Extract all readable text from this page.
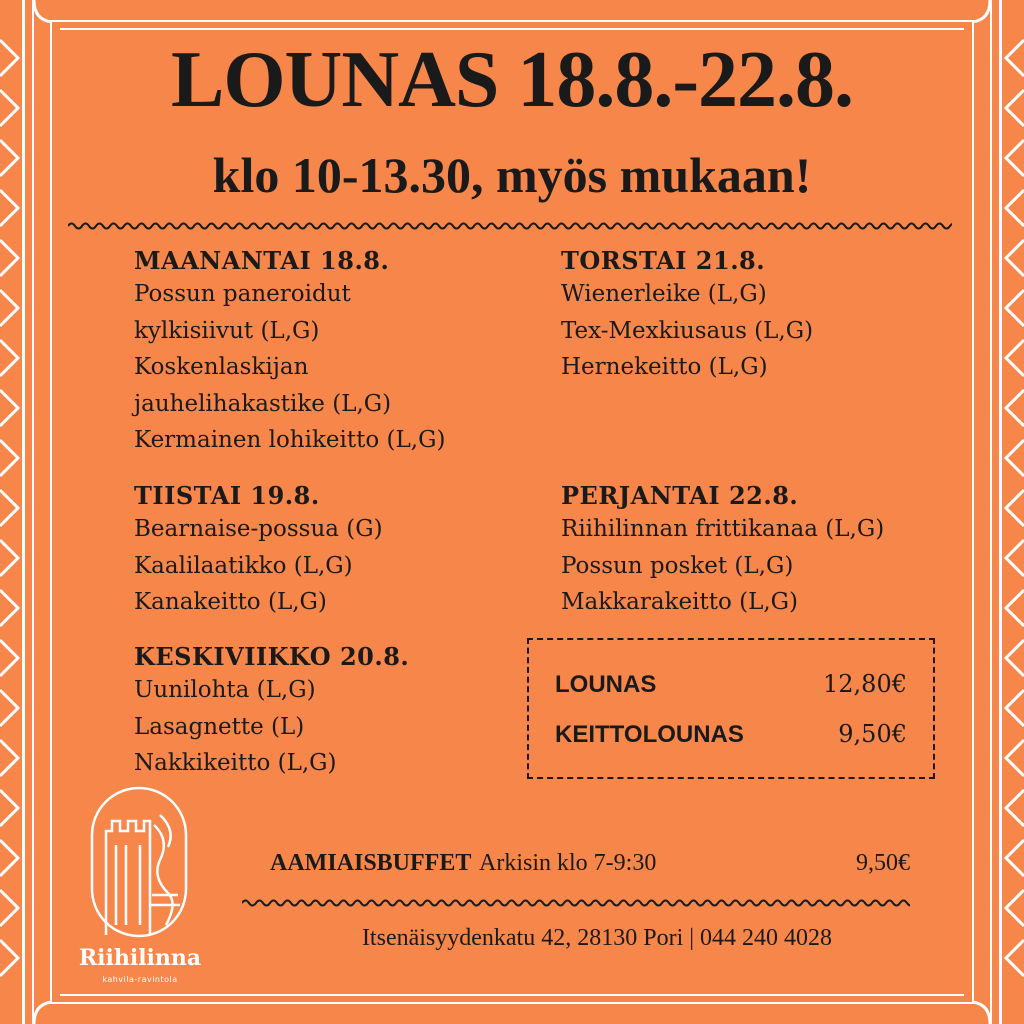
LOUNAS 18.8.-22.8.
klo 10-13.30, myös mukaan!
MAANANTAI 18.8.
Possun paneroidut
kylkisiivut (L,G)
Koskenlaskijan
jauhelihakastike (L,G)
Kermainen lohikeitto (L,G)
TIISTAI 19.8.
Bearnaise-possua (G)
Kaalilaatikko (L,G)
Kanakeitto (L,G)
KESKIVIIKKO 20.8.
Uunilohta (L,G)
Lasagnette (L)
Nakkikeitto (L,G)
TORSTAI 21.8.
Wienerleike (L,G)
Tex-Mexkiusaus (L,G)
Hernekeitto (L,G)
PERJANTAI 22.8.
Riihilinnan frittikanaa (L,G)
Possun posket (L,G)
Makkarakeitto (L,G)
LOUNAS	12,80€
KEITTOLOUNAS	9,50€
Riihilinna
kahvila-ravintola
AAMIAISBUFFET Arkisin klo 7-9:30	9,50€
Itsenäisyydenkatu 42, 28130 Pori | 044 240 4028
